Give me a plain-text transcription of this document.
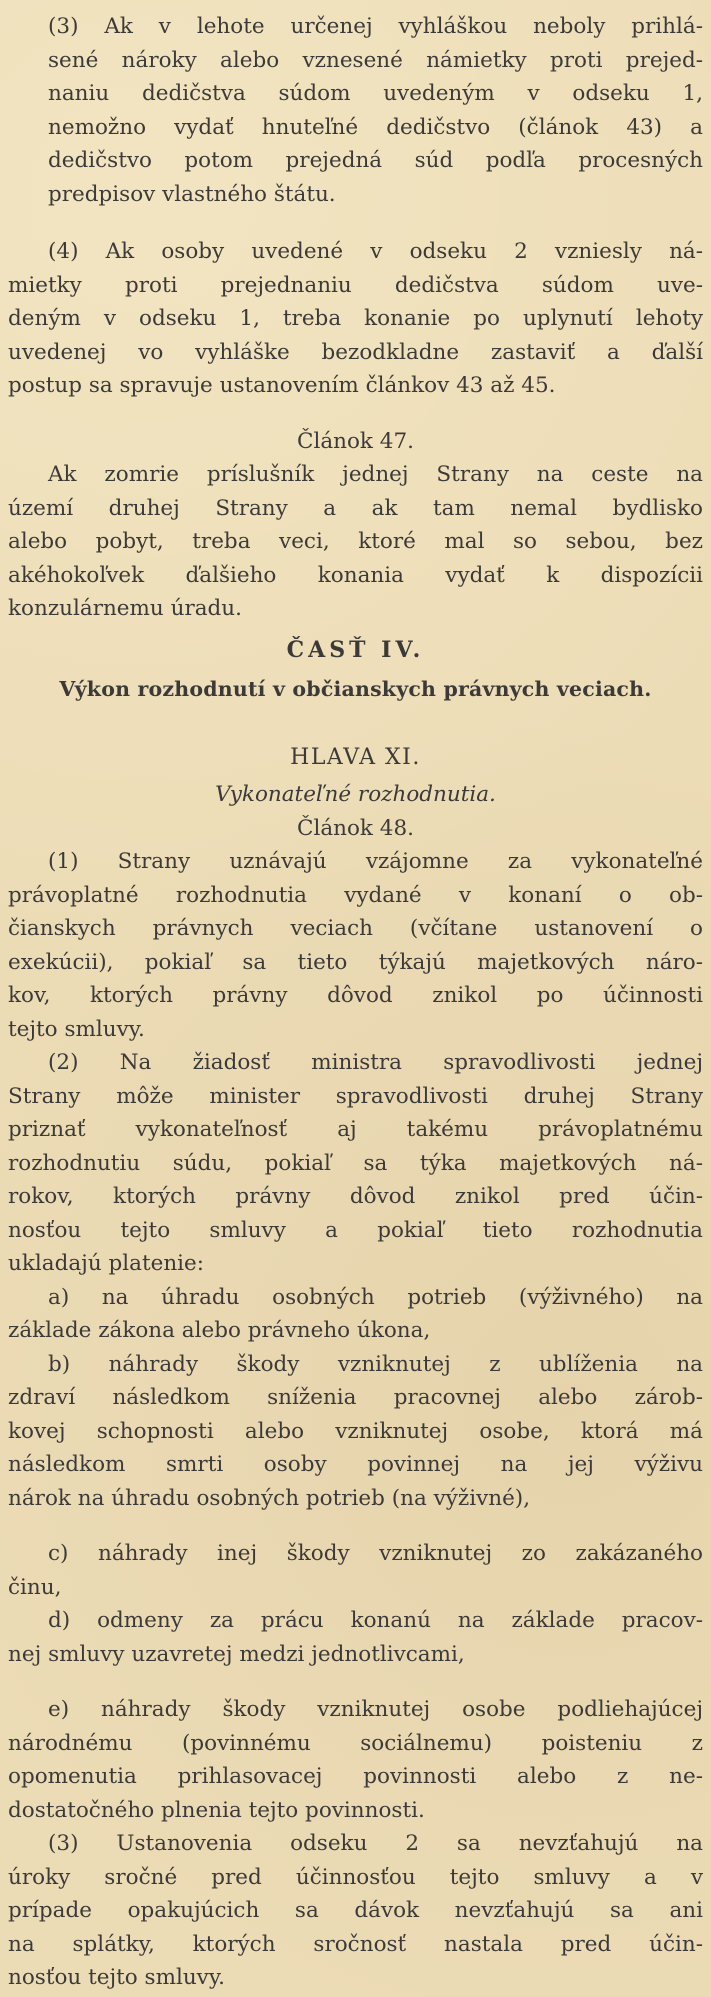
(3) Ak v lehote určenej vyhláškou neboly prihlá-
sené nároky alebo vznesené námietky proti prejed-
naniu dedičstva súdom uvedeným v odseku 1,
nemožno vydať hnuteľné dedičstvo (článok 43) a
dedičstvo potom prejedná súd podľa procesných
predpisov vlastného štátu.
(4) Ak osoby uvedené v odseku 2 vzniesly ná-
mietky proti prejednaniu dedičstva súdom uve-
deným v odseku 1, treba konanie po uplynutí lehoty
uvedenej vo vyhláške bezodkladne zastaviť a ďalší
postup sa spravuje ustanovením článkov 43 až 45.
Článok 47.
Ak zomrie príslušník jednej Strany na ceste na
území druhej Strany a ak tam nemal bydlisko
alebo pobyt, treba veci, ktoré mal so sebou, bez
akéhokoľvek ďalšieho konania vydať k dispozícii
konzulárnemu úradu.
ČASŤ IV.
Výkon rozhodnutí v občianskych právnych veciach.
HLAVA XI.
Vykonateľné rozhodnutia.
Článok 48.
(1) Strany uznávajú vzájomne za vykonateľné
právoplatné rozhodnutia vydané v konaní o ob-
čianskych právnych veciach (včítane ustanovení o
exekúcii), pokiaľ sa tieto týkajú majetkových náro-
kov, ktorých právny dôvod znikol po účinnosti
tejto smluvy.
(2) Na žiadosť ministra spravodlivosti jednej
Strany môže minister spravodlivosti druhej Strany
priznať vykonateľnosť aj takému právoplatnému
rozhodnutiu súdu, pokiaľ sa týka majetkových ná-
rokov, ktorých právny dôvod znikol pred účin-
nosťou tejto smluvy a pokiaľ tieto rozhodnutia
ukladajú platenie:
a) na úhradu osobných potrieb (výživného) na
základe zákona alebo právneho úkona,
b) náhrady škody vzniknutej z ublíženia na
zdraví následkom sníženia pracovnej alebo zárob-
kovej schopnosti alebo vzniknutej osobe, ktorá má
následkom smrti osoby povinnej na jej výživu
nárok na úhradu osobných potrieb (na výživné),
c) náhrady inej škody vzniknutej zo zakázaného
činu,
d) odmeny za prácu konanú na základe pracov-
nej smluvy uzavretej medzi jednotlivcami,
e) náhrady škody vzniknutej osobe podliehajúcej
národnému (povinnému sociálnemu) poisteniu z
opomenutia prihlasovacej povinnosti alebo z ne-
dostatočného plnenia tejto povinnosti.
(3) Ustanovenia odseku 2 sa nevzťahujú na
úroky sročné pred účinnosťou tejto smluvy a v
prípade opakujúcich sa dávok nevzťahujú sa ani
na splátky, ktorých sročnosť nastala pred účin-
nosťou tejto smluvy.
